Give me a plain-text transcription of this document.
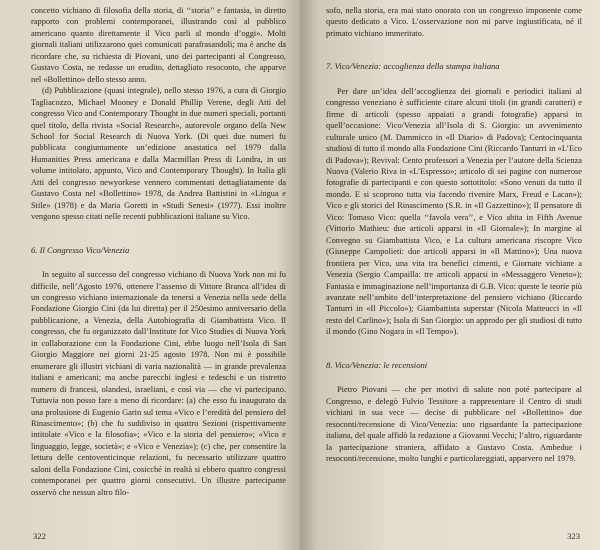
concetto vichiano di filosofia della storia, di ‘‘storia’’ e fantasia, in diretto rapporto con problemi contemporanei, illustrando così al pubblico americano quanto direttamente il Vico parli al mondo d’oggi». Molti giornali italiani utilizzarono quei comunicati parafrasandoli; ma è anche da ricordare che, su richiesta di Piovani, uno dei partecipanti al Congresso, Gustavo Costa, ne redasse un erudito, dettagliato resoconto, che apparve nel «Bollettino» dello stesso anno.

(d) Pubblicazione (quasi integrale), nello stesso 1976, a cura di Giorgio Tagliacozzo, Michael Mooney e Donald Phillip Verene, degli Atti del congresso Vico and Contemporary Thought in due numeri speciali, portanti quel titolo, della rivista «Social Research», autorevole organo della New School for Social Research di Nuova York. (Di quei due numeri fu pubblicata congiuntamente un’edizione anastatica nel 1979 dalla Humanities Press americana e dalla Macmillan Press di Londra, in un volume intitolato, appunto, Vico and Contemporary Thought). In Italia gli Atti del congresso newyorkese vennero commentati dettagliatamente da Gustavo Costa nel «Bollettino» 1978, da Andrea Battistini in «Lingua e Stile» (1978) e da Maria Goretti in «Studi Senesi» (1977). Essi inoltre vengono spesso citati nelle recenti pubblicazioni italiane su Vico.

6. Il Congresso Vico/Venezia

In seguito al successo del congresso vichiano di Nuova York non mi fu difficile, nell’Agosto 1976, ottenere l’assenso di Vittore Branca all’idea di un congresso vichiano internazionale da tenersi a Venezia nella sede della Fondazione Giorgio Cini (da lui diretta) per il 250esimo anniversario della pubblicazione, a Venezia, della Autobiografia di Giambattista Vico. Il congresso, che fu organizzato dall’Institute for Vico Studies di Nuova York in collaborazione con la Fondazione Cini, ebbe luogo nell’Isola di San Giorgio Maggiore nei giorni 21-25 agosto 1978. Non mi è possibile enumerare gli illustri vichiani di varia nazionalità — in grande prevalenza italiani e americani; ma anche parecchi inglesi e tedeschi e un ristretto numero di francesi, olandesi, israeliani, e così via — che vi partecipano. Tuttavia non posso fare a meno di ricordare: (a) che esso fu inaugurato da una prolusione di Eugenio Garin sul tema «Vico e l’eredità del pensiero del Rinascimento»; (b) che fu suddiviso in quattro Sezioni (rispettivamente intitolate «Vico e la filosofia»; «Vico e la storia del pensiero»; «Vico e linguaggio, legge, società»; e «Vico e Venezia»); (c) che, per consentire la lettura delle centoventicinque relazioni, fu necessario utilizzare quattro saloni della Fondazione Cini, cosicché in realtà si ebbero quattro congressi contemporanei per quattro giorni consecutivi. Un illustre partecipante osservò che nessun altro filo-

322

sofo, nella storia, era mai stato onorato con un congresso imponente come questo dedicato a Vico. L’osservazione non mi parve ingiustificata, né il primato vichiano immeritato.

7. Vico/Venezia: accoglienza della stampa italiana

Per dare un’idea dell’accoglienza dei giornali e periodici italiani al congresso veneziano è sufficiente citare alcuni titoli (in grandi caratteri) e firme di articoli (spesso appaiati a grandi fotografie) apparsi in quell’occasione: Vico/Venezia all’Isola di S. Giorgio: un avvenimento culturale unico (M. Dammicco in «Il Diario» di Padova); Centocinquanta studiosi di tutto il mondo alla Fondazione Cini (Riccardo Tanturri in «L’Eco di Padova»); Revival: Cento professori a Venezia per l’autore della Scienza Nuova (Valerio Riva in «L’Espresso»; articolo di sei pagine con numerose fotografie di partecipanti e con questo sottotitolo: «Sono venuti da tutto il mondo. E si scoprono tutta via facendo rivenire Marx, Freud e Lacan»); Vico e gli storici del Rinascimento (S.R. in «Il Gazzettino»); Il pensatore di Vico: Tomaso Vico: quella ‘‘favola vera’’, e Vico abita in Fifth Avenue (Vittorio Mathieu: due articoli apparsi in «Il Giornale»); In margine al Convegno su Giambattista Vico, e La cultura americana riscopre Vico (Giuseppe Campolieti: due articoli apparsi in «Il Mattino»); Una nuova frontiera per Vico, una vita tra benefici cimenti, e Giornate vichiane a Venezia (Sergio Campailla: tre articoli apparsi in «Messaggero Veneto»); Fantasia e immaginazione nell’importanza di G.B. Vico: queste le teorie più avanzate nell’ambito dell’interpretazione del pensiero vichiano (Riccardo Tanturri in «Il Piccolo»); Giambattista superstar (Nicola Matteucci in «Il resto del Carlino»); Isola di San Giorgio: un approdo per gli studiosi di tutto il mondo (Gino Nogara in «Il Tempo»).

8. Vico/Venezia: le recensioni

Pietro Piovani — che per motivi di salute non poté partecipare al Congresso, e delegò Fulvio Tessitore a rappresentare il Centro di studi vichiani in sua vece — decise di pubblicare nel «Bollettino» due resoconti/recensione di Vico/Venezia: uno riguardante la partecipazione italiana, del quale affidò la redazione a Giovanni Vecchi; l’altro, riguardante la partecipazione straniera, affidato a Gustavo Costa. Ambedue i resoconti/recensione, molto lunghi e particolareggiati, apparvero nel 1979.

323
